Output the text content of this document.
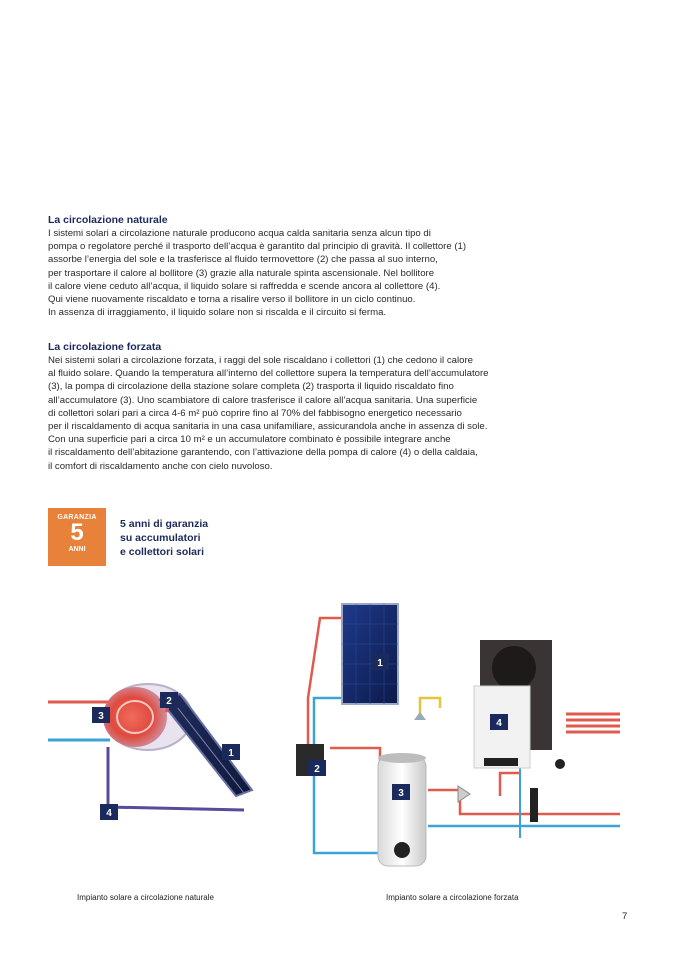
La circolazione naturale

I sistemi solari a circolazione naturale producono acqua calda sanitaria senza alcun tipo di
pompa o regolatore perché il trasporto dell’acqua è garantito dal principio di gravità. Il collettore (1)
assorbe l’energia del sole e la trasferisce al fluido termovettore (2) che passa al suo interno,
per trasportare il calore al bollitore (3) grazie alla naturale spinta ascensionale. Nel bollitore
il calore viene ceduto all’acqua, il liquido solare si raffredda e scende ancora al collettore (4).
Qui viene nuovamente riscaldato e torna a risalire verso il bollitore in un ciclo continuo.
In assenza di irraggiamento, il liquido solare non si riscalda e il circuito si ferma.

La circolazione forzata

Nei sistemi solari a circolazione forzata, i raggi del sole riscaldano i collettori (1) che cedono il calore
al fluido solare. Quando la temperatura all’interno del collettore supera la temperatura dell’accumulatore
(3), la pompa di circolazione della stazione solare completa (2) trasporta il liquido riscaldato fino
all’accumulatore (3). Uno scambiatore di calore trasferisce il calore all’acqua sanitaria. Una superficie
di collettori solari pari a circa 4-6 m² può coprire fino al 70% del fabbisogno energetico necessario
per il riscaldamento di acqua sanitaria in una casa unifamiliare, assicurandola anche in assenza di sole.
Con una superficie pari a circa 10 m² e un accumulatore combinato è possibile integrare anche
il riscaldamento dell’abitazione garantendo, con l’attivazione della pompa di calore (4) o della caldaia,
il comfort di riscaldamento anche con cielo nuvoloso.

GARANZIA
5
ANNI
5 anni di garanzia
su accumulatori
e collettori solari
2
3
1
4
1
2
3
4
Impianto solare a circolazione naturale	Impianto solare a circolazione forzata
7
